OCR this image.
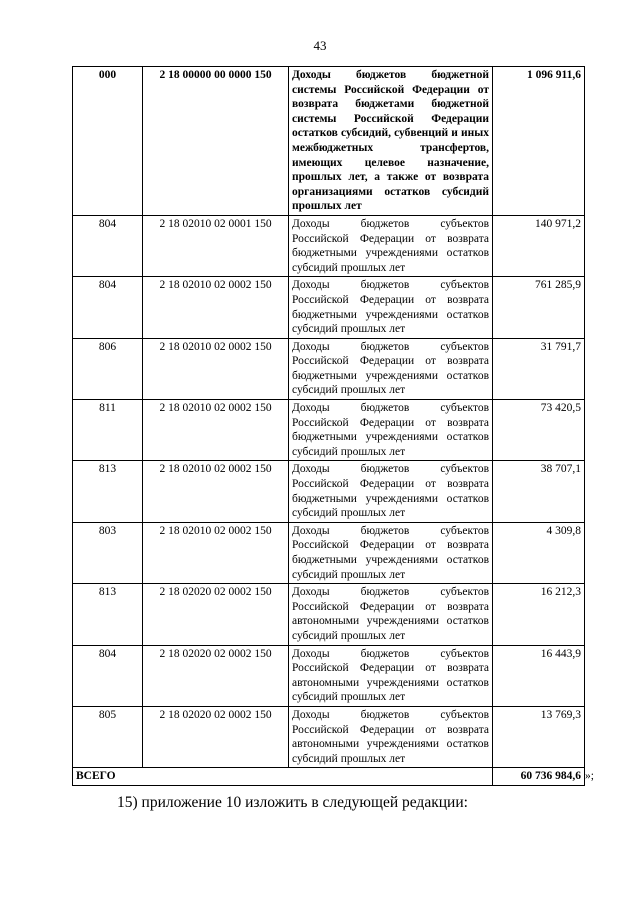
43
000	2 18 00000 00 0000 150	Доходы бюджетов бюджетной системы Российской Федерации от возврата бюджетами бюджетной системы Российской Федерации остатков субсидий, субвенций и иных межбюджетных трансфертов, имеющих целевое назначение, прошлых лет, а также от возврата организациями остатков субсидий прошлых лет	1 096 911,6
804	2 18 02010 02 0001 150	Доходы бюджетов субъектов Российской Федерации от возврата бюджетными учреждениями остатков субсидий прошлых лет	140 971,2
804	2 18 02010 02 0002 150	Доходы бюджетов субъектов Российской Федерации от возврата бюджетными учреждениями остатков субсидий прошлых лет	761 285,9
806	2 18 02010 02 0002 150	Доходы бюджетов субъектов Российской Федерации от возврата бюджетными учреждениями остатков субсидий прошлых лет	31 791,7
811	2 18 02010 02 0002 150	Доходы бюджетов субъектов Российской Федерации от возврата бюджетными учреждениями остатков субсидий прошлых лет	73 420,5
813	2 18 02010 02 0002 150	Доходы бюджетов субъектов Российской Федерации от возврата бюджетными учреждениями остатков субсидий прошлых лет	38 707,1
803	2 18 02010 02 0002 150	Доходы бюджетов субъектов Российской Федерации от возврата бюджетными учреждениями остатков субсидий прошлых лет	4 309,8
813	2 18 02020 02 0002 150	Доходы бюджетов субъектов Российской Федерации от возврата автономными учреждениями остатков субсидий прошлых лет	16 212,3
804	2 18 02020 02 0002 150	Доходы бюджетов субъектов Российской Федерации от возврата автономными учреждениями остатков субсидий прошлых лет	16 443,9
805	2 18 02020 02 0002 150	Доходы бюджетов субъектов Российской Федерации от возврата автономными учреждениями остатков субсидий прошлых лет	13 769,3
ВСЕГО			60 736 984,6 »;
15) приложение 10 изложить в следующей редакции:
